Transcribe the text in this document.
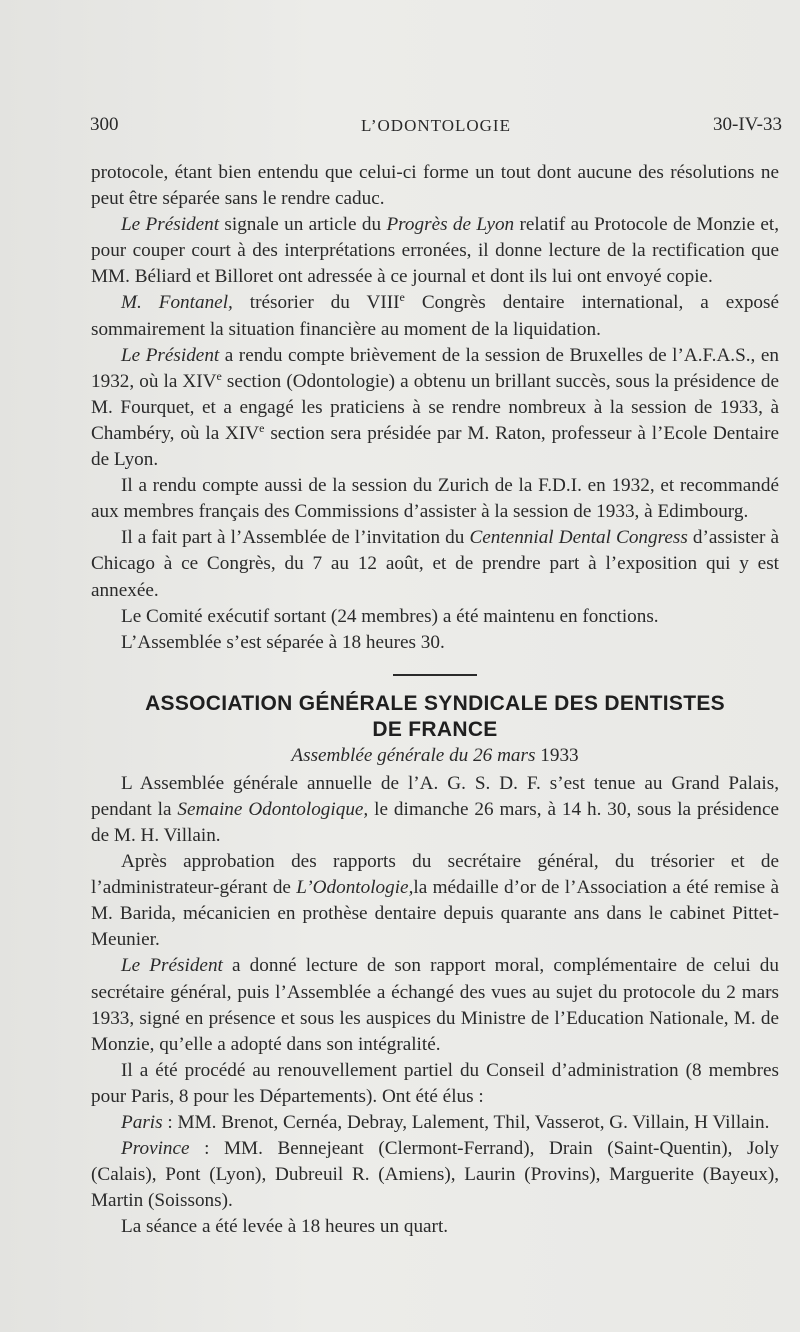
300	L’ODONTOLOGIE	30-IV-33

protocole, étant bien entendu que celui-ci forme un tout dont aucune des résolutions ne peut être séparée sans le rendre caduc.

Le Président signale un article du Progrès de Lyon relatif au Protocole de Monzie et, pour couper court à des interprétations erronées, il donne lecture de la rectification que MM. Béliard et Billoret ont adressée à ce journal et dont ils lui ont envoyé copie.

M. Fontanel, trésorier du VIIIe Congrès dentaire international, a exposé sommairement la situation financière au moment de la liquidation.

Le Président a rendu compte brièvement de la session de Bruxelles de l’A.F.A.S., en 1932, où la XIVe section (Odontologie) a obtenu un brillant succès, sous la présidence de M. Fourquet, et a engagé les praticiens à se rendre nombreux à la session de 1933, à Chambéry, où la XIVe section sera présidée par M. Raton, professeur à l’Ecole Dentaire de Lyon.

Il a rendu compte aussi de la session du Zurich de la F.D.I. en 1932, et recommandé aux membres français des Commissions d’assister à la session de 1933, à Edimbourg.

Il a fait part à l’Assemblée de l’invitation du Centennial Dental Congress d’assister à Chicago à ce Congrès, du 7 au 12 août, et de prendre part à l’exposition qui y est annexée.

Le Comité exécutif sortant (24 membres) a été maintenu en fonctions.

L’Assemblée s’est séparée à 18 heures 30.

ASSOCIATION GÉNÉRALE SYNDICALE DES DENTISTES
DE FRANCE
Assemblée générale du 26 mars 1933

L Assemblée générale annuelle de l’A. G. S. D. F. s’est tenue au Grand Palais, pendant la Semaine Odontologique, le dimanche 26 mars, à 14 h. 30, sous la présidence de M. H. Villain.

Après approbation des rapports du secrétaire général, du trésorier et de l’administrateur-gérant de L’Odontologie,la médaille d’or de l’Association a été remise à M. Barida, mécanicien en prothèse dentaire depuis quarante ans dans le cabinet Pittet-Meunier.

Le Président a donné lecture de son rapport moral, complémentaire de celui du secrétaire général, puis l’Assemblée a échangé des vues au sujet du protocole du 2 mars 1933, signé en présence et sous les auspices du Ministre de l’Education Nationale, M. de Monzie, qu’elle a adopté dans son intégralité.

Il a été procédé au renouvellement partiel du Conseil d’administration (8 membres pour Paris, 8 pour les Départements). Ont été élus :

Paris : MM. Brenot, Cernéa, Debray, Lalement, Thil, Vasserot, G. Villain, H Villain.

Province : MM. Bennejeant (Clermont-Ferrand), Drain (Saint-Quentin), Joly (Calais), Pont (Lyon), Dubreuil R. (Amiens), Laurin (Provins), Marguerite (Bayeux), Martin (Soissons).

La séance a été levée à 18 heures un quart.
